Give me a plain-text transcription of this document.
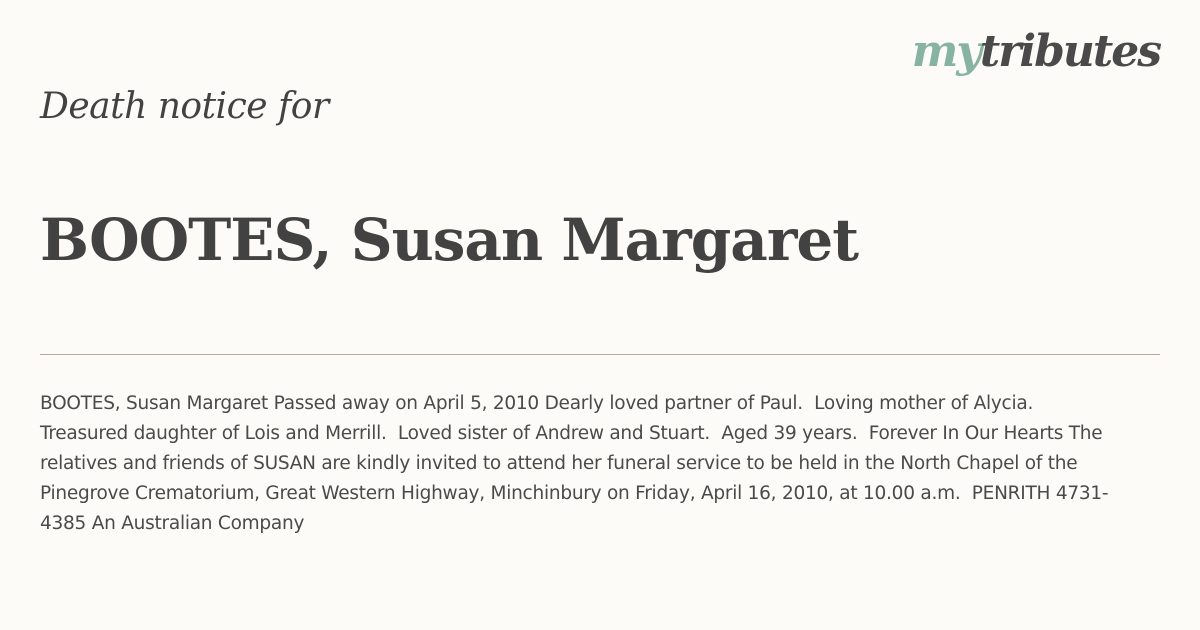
mytributes
Death notice for
BOOTES, Susan Margaret

BOOTES, Susan Margaret Passed away on April 5, 2010 Dearly loved partner of Paul.  Loving mother of Alycia.  Treasured daughter of Lois and Merrill.  Loved sister of Andrew and Stuart.  Aged 39 years.  Forever In Our Hearts The relatives and friends of SUSAN are kindly invited to attend her funeral service to be held in the North Chapel of the Pinegrove Crematorium, Great Western Highway, Minchinbury on Friday, April 16, 2010, at 10.00 a.m.  PENRITH 4731-4385 An Australian Company
